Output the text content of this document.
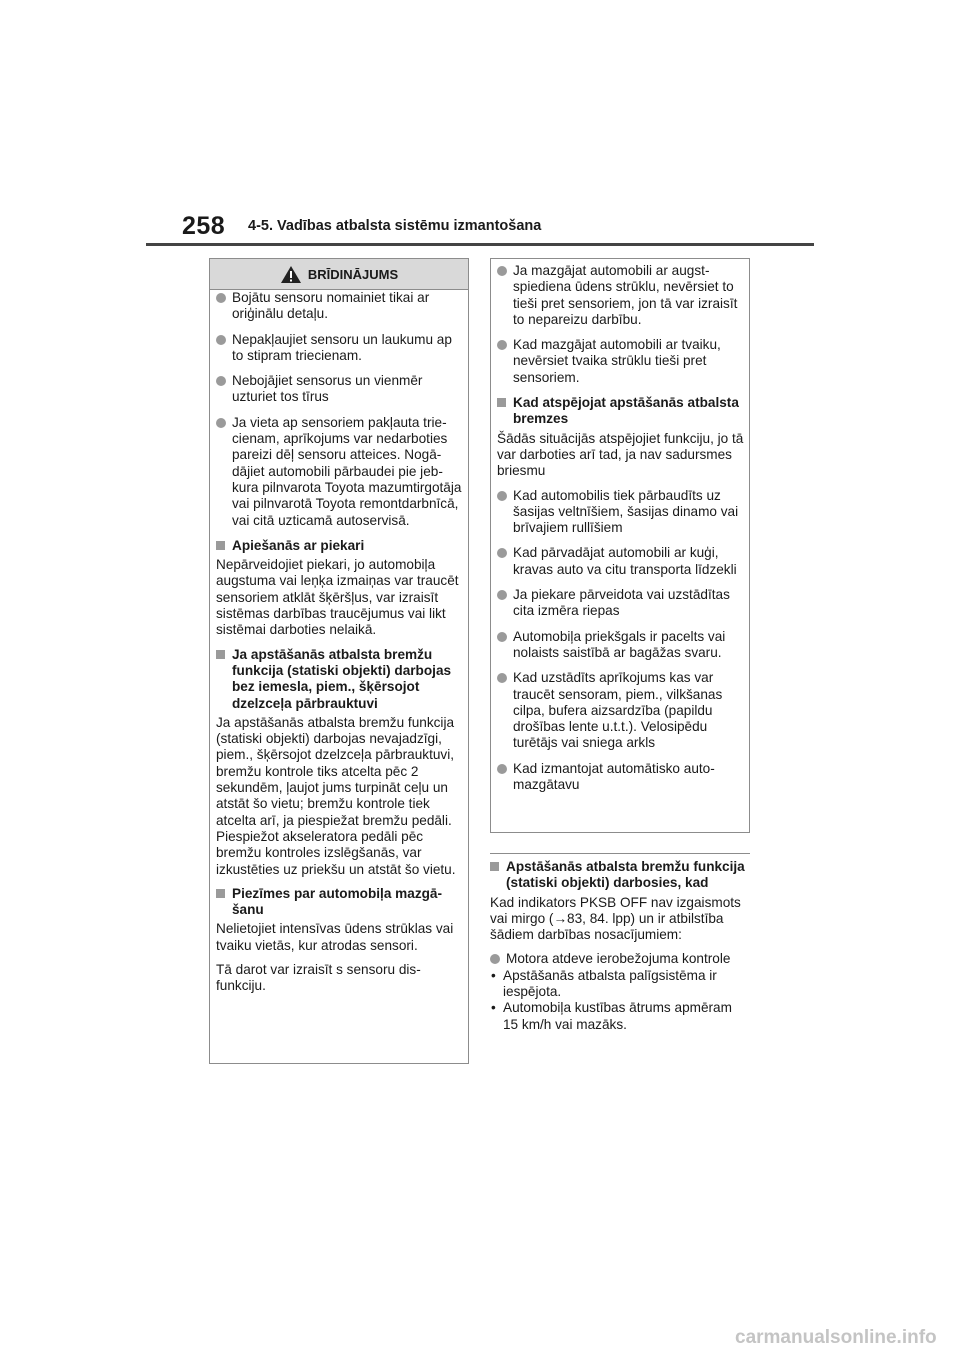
258 4-5. Vadības atbalsta sistēmu izmantošana
BRĪDINĀJUMS
Bojātu sensoru nomainiet tikai ar oriģinālu detaļu.
Nepakļaujiet sensoru un laukumu ap to stipram triecienam.
Nebojājiet sensorus un vienmēr uzturiet tos tīrus
Ja vieta ap sensoriem pakļauta triecienam, aprīkojums var nedarboties pareizi dēļ sensoru atteices. Nogādājiet automobili pārbaudei pie jebkura pilnvarota Toyota mazumtirgotāja vai pilnvarotā Toyota remontdarbnīcā, vai citā uzticamā autoservisā.
Apiešanās ar piekari
Nepārveidojiet piekari, jo automobiļa augstuma vai leņķa izmaiņas var traucēt sensoriem atklāt šķēršļus, var izraisīt sistēmas darbības traucējumus vai likt sistēmai darboties nelaikā.
Ja apstāšanās atbalsta bremžu funkcija (statiski objekti) darbojas bez iemesla, piem., šķērsojot dzelzceļa pārbrauktuvi
Ja apstāšanās atbalsta bremžu funkcija (statiski objekti) darbojas nevajadzīgi, piem., šķērsojot dzelzceļa pārbrauktuvi, bremžu kontrole tiks atcelta pēc 2 sekundēm, ļaujot jums turpināt ceļu un atstāt šo vietu; bremžu kontrole tiek atcelta arī, ja piespiežat bremžu pedāli. Piespiežot akseleratora pedāli pēc bremžu kontroles izslēgšanās, var izkustēties uz priekšu un atstāt šo vietu.
Piezīmes par automobiļa mazgāšanu
Nelietojiet intensīvas ūdens strūklas vai tvaiku vietās, kur atrodas sensori.
Tā darot var izraisīt s sensoru disfunkciju.
Ja mazgājat automobili ar augstspiediena ūdens strūklu, nevērsiet to tieši pret sensoriem, jon tā var izraisīt to nepareizu darbību.
Kad mazgājat automobili ar tvaiku, nevērsiet tvaika strūklu tieši pret sensoriem.
Kad atspējojat apstāšanās atbalsta bremzes
Šādās situācijās atspējojiet funkciju, jo tā var darboties arī tad, ja nav sadursmes briesmu
Kad automobilis tiek pārbaudīts uz šasijas veltnīšiem, šasijas dinamo vai brīvajiem rullīšiem
Kad pārvadājat automobili ar kuģi, kravas auto va citu transporta līdzekli
Ja piekare pārveidota vai uzstādītas cita izmēra riepas
Automobiļa priekšgals ir pacelts vai nolaists saistībā ar bagāžas svaru.
Kad uzstādīts aprīkojums kas var traucēt sensoram, piem., vilkšanas cilpa, bufera aizsardzība (papildu drošības lente u.t.t.). Velosipēdu turētājs vai sniega arkls
Kad izmantojat automātisko automazgātavu
Apstāšanās atbalsta bremžu funkcija (statiski objekti) darbosies, kad
Kad indikators PKSB OFF nav izgaismots vai mirgo (→83, 84. lpp) un ir atbilstība šādiem darbības nosacījumiem:
Motora atdeve ierobežojuma kontrole
• Apstāšanās atbalsta palīgsistēma ir iespējota.
• Automobiļa kustības ātrums apmēram 15 km/h vai mazāks.
carmanualsonline.info
